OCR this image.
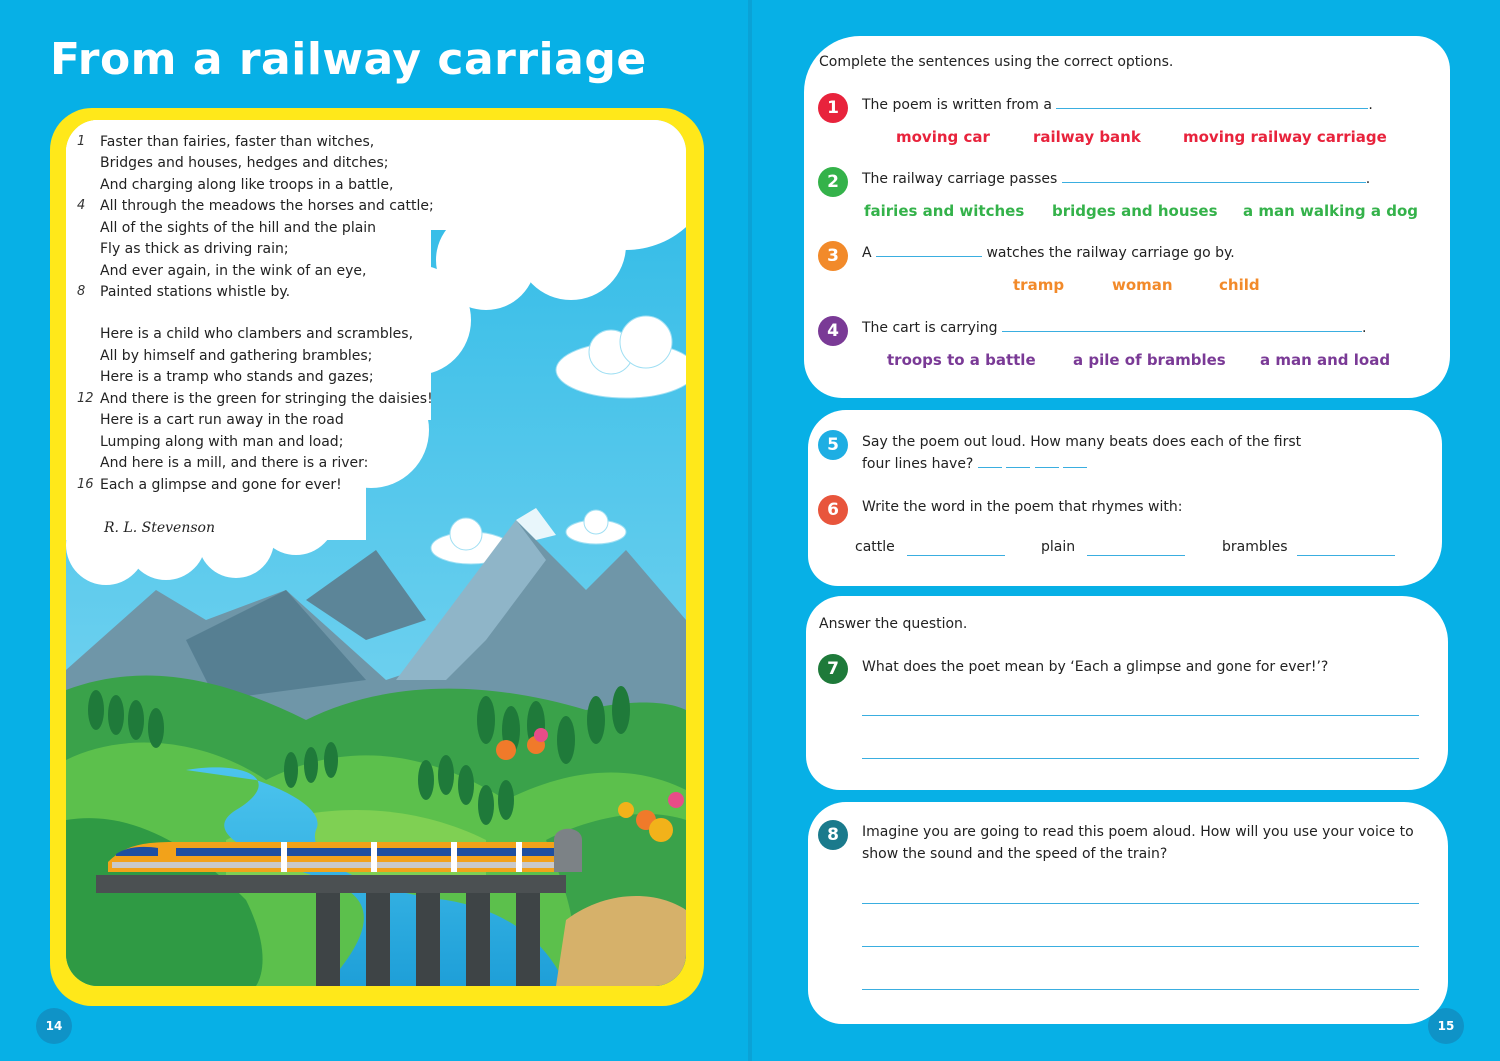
From a railway carriage
1 Faster than fairies, faster than witches,
Bridges and houses, hedges and ditches;
And charging along like troops in a battle,
4 All through the meadows the horses and cattle;
All of the sights of the hill and the plain
Fly as thick as driving rain;
And ever again, in the wink of an eye,
8 Painted stations whistle by.
Here is a child who clambers and scrambles,
All by himself and gathering brambles;
Here is a tramp who stands and gazes;
12 And there is the green for stringing the daisies!
Here is a cart run away in the road
Lumping along with man and load;
And here is a mill, and there is a river:
16 Each a glimpse and gone for ever!
R. L. Stevenson
14	15
Complete the sentences using the correct options.
1	The poem is written from a	.
moving car	railway bank	moving railway carriage
2	The railway carriage passes	.
fairies and witches bridges and houses a man walking a dog
3	A	watches the railway carriage go by.
tramp	woman	child
4	The cart is carrying	.
troops to a battle a pile of brambles a man and load
5	Say the poem out loud. How many beats does each of the first
four lines have?
6	Write the word in the poem that rhymes with:
cattle	plain	brambles
Answer the question.
7	What does the poet mean by ‘Each a glimpse and gone for ever!’?
8	Imagine you are going to read this poem aloud. How will you use your voice to
show the sound and the speed of the train?
